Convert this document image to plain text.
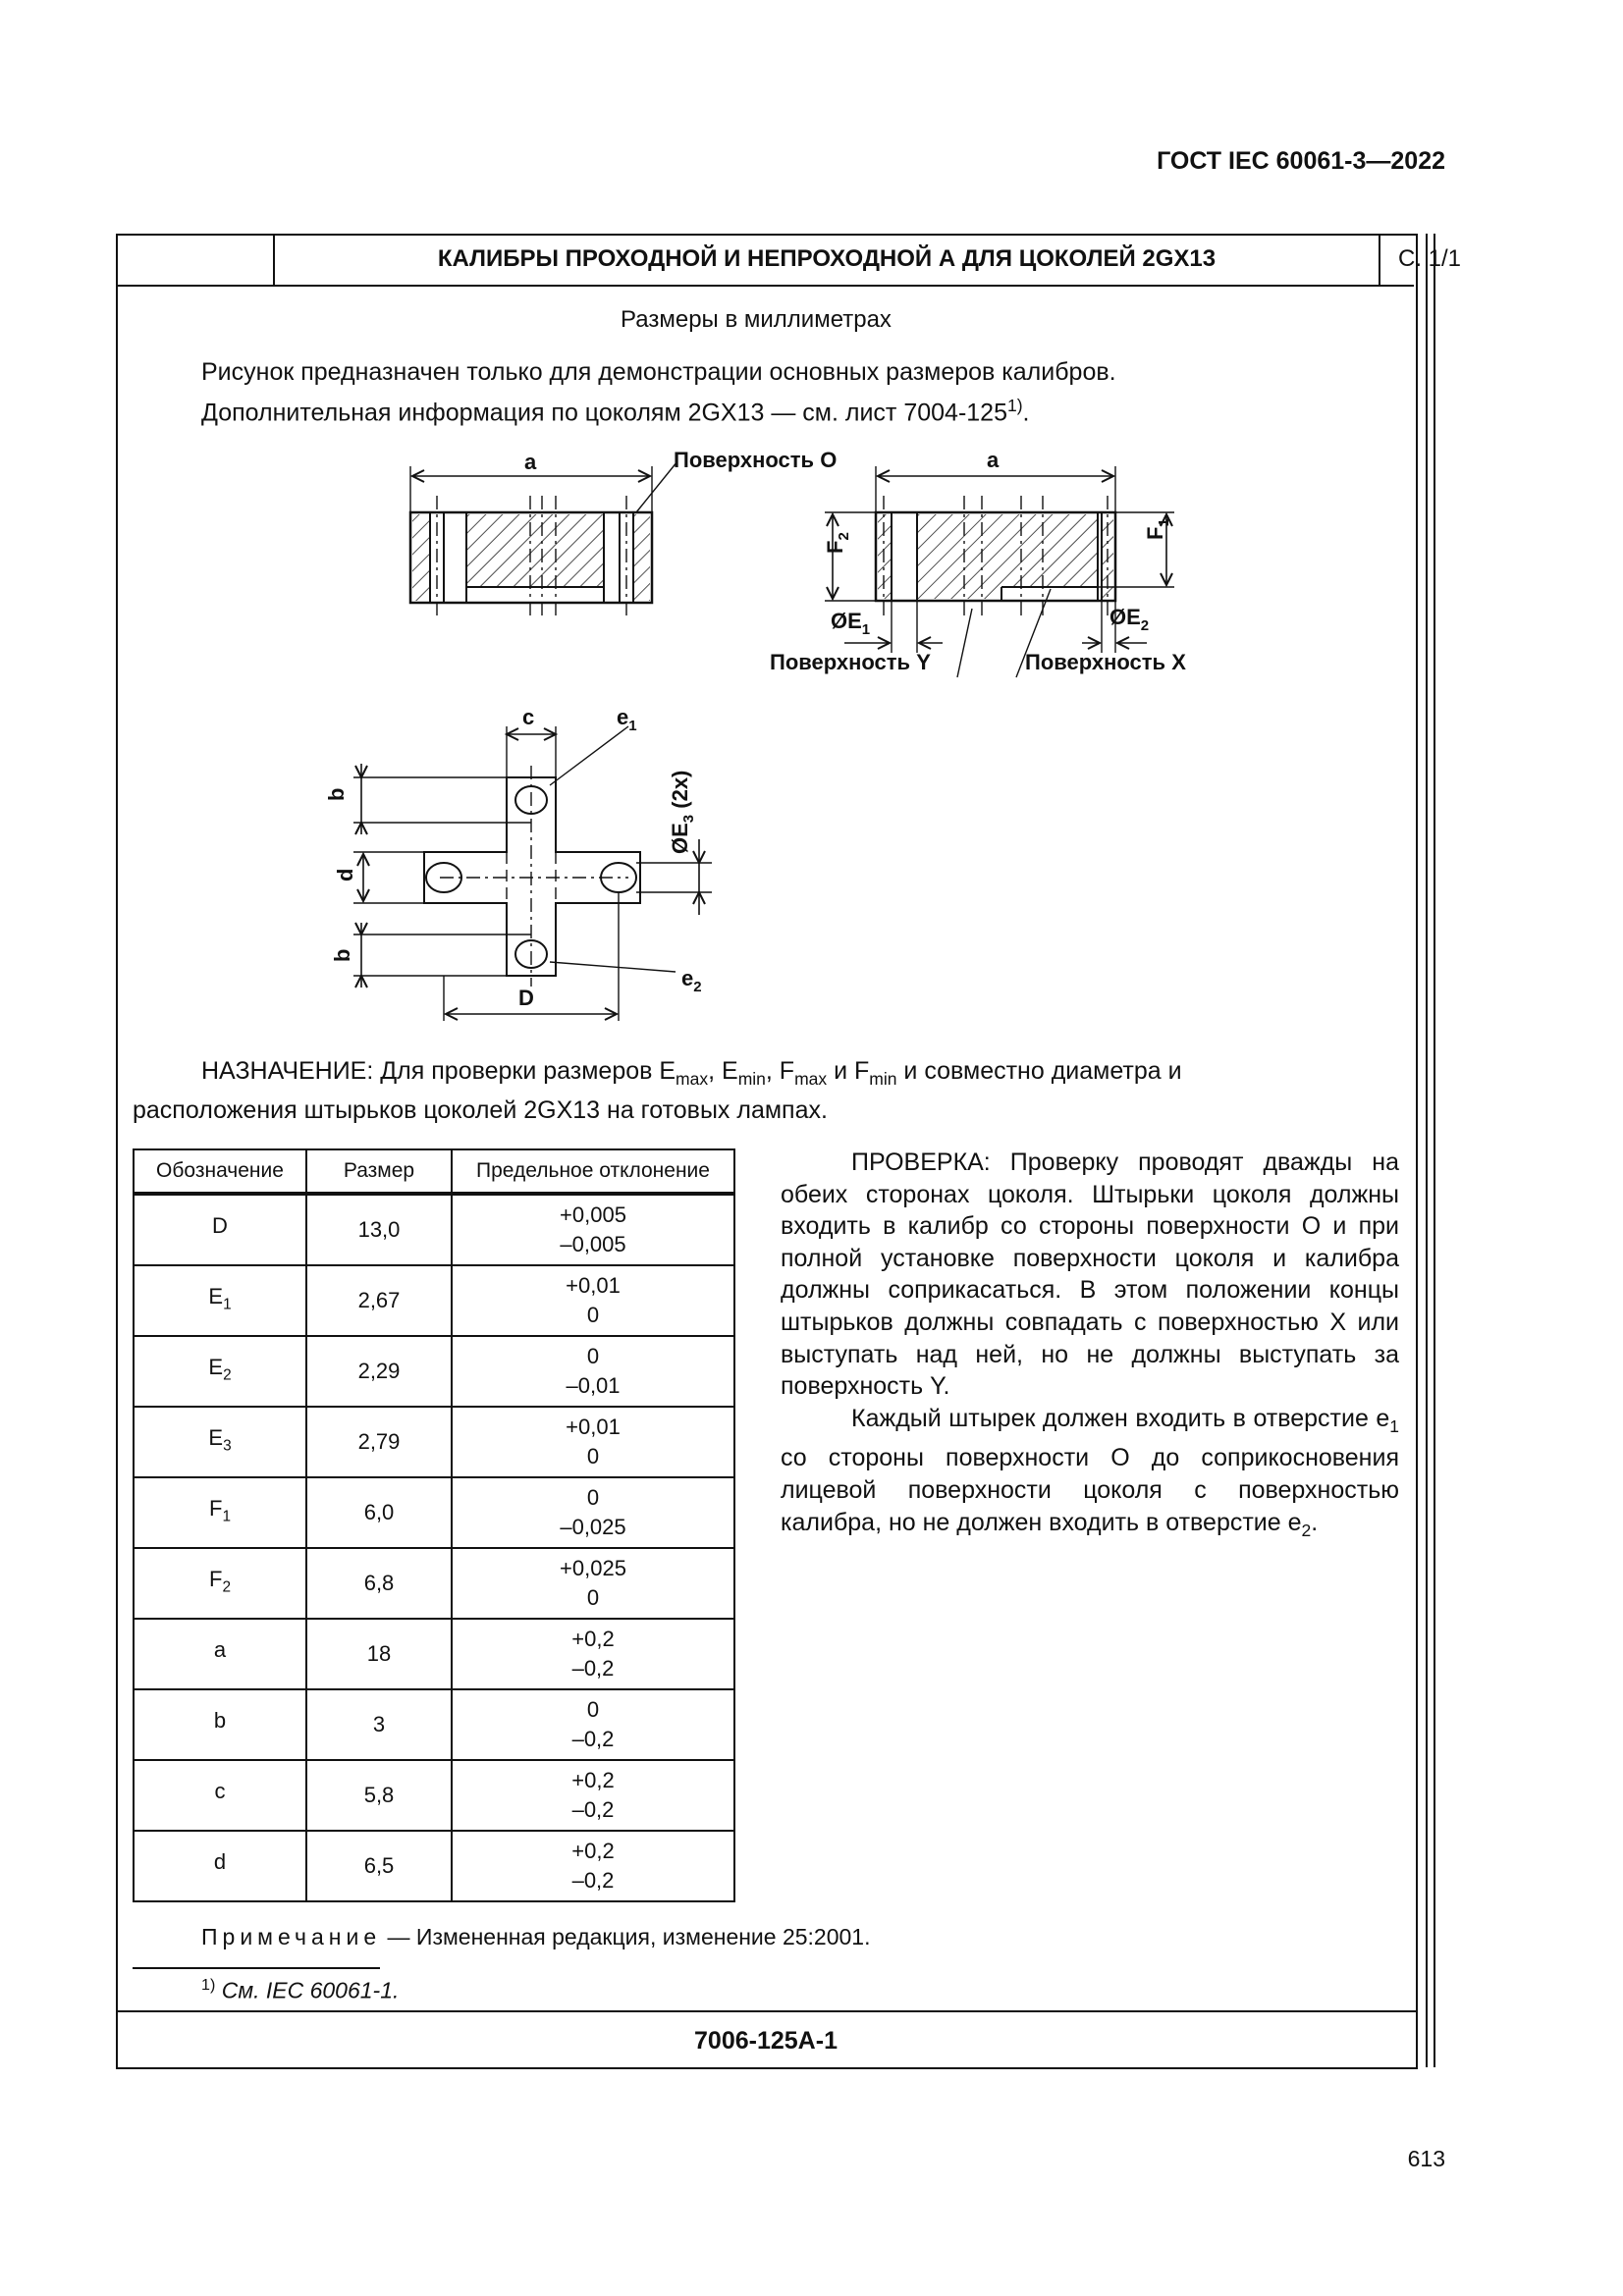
ГОСТ IEC 60061-3—2022
КАЛИБРЫ ПРОХОДНОЙ И НЕПРОХОДНОЙ А ДЛЯ ЦОКОЛЕЙ 2GX13	С. 1/1
Размеры в миллиметрах
Рисунок предназначен только для демонстрации основных размеров калибров.
Дополнительная информация по цоколям 2GX13 — см. лист 7004-125$^{1)}$.
a	Поверхность О	a
$F_2$	$F_1$
$ØE_1$
$ØE_2$
Поверхность Y	Поверхность X
c	$e_1$
b
d
b
$ØE_3$ (2x)
D
$e_2$
НАЗНАЧЕНИЕ: Для проверки размеров $E_{max}$, $E_{min}$, $F_{max}$ и $F_{min}$ и совместно диаметра и
расположения штырьков цоколей 2GX13 на готовых лампах.
Обозначение	Размер	Предельное отклонение
D	13,0	+0,005
–0,005

$E_1$	2,67	+0,01
0

$E_2$	2,29	0
–0,01

$E_3$	2,79	+0,01
0

$F_1$	6,0	0
–0,025

$F_2$	6,8	+0,025
0

a	18	+0,2
–0,2

b	3	0
–0,2

c	5,8	+0,2
–0,2

d	6,5	+0,2
–0,2

ПРОВЕРКА: Проверку проводят дважды на обеих сторонах цоколя. Штырьки цоколя должны входить в калибр со стороны поверхности О и при полной установке поверхности цоколя и калибра должны соприкасаться. В этом положении концы штырьков должны совпадать с поверхностью X или выступать над ней, но не должны выступать за поверхность Y.

Каждый штырек должен входить в отверстие $e_1$ со стороны поверхности О до соприкосновения лицевой поверхности цоколя с поверхностью калибра, но не должен входить в отверстие $e_2$.

Примечание — Измененная редакция, изменение 25:2001.
$^{1)}$ См. IEC 60061-1.
7006-125A-1
613
